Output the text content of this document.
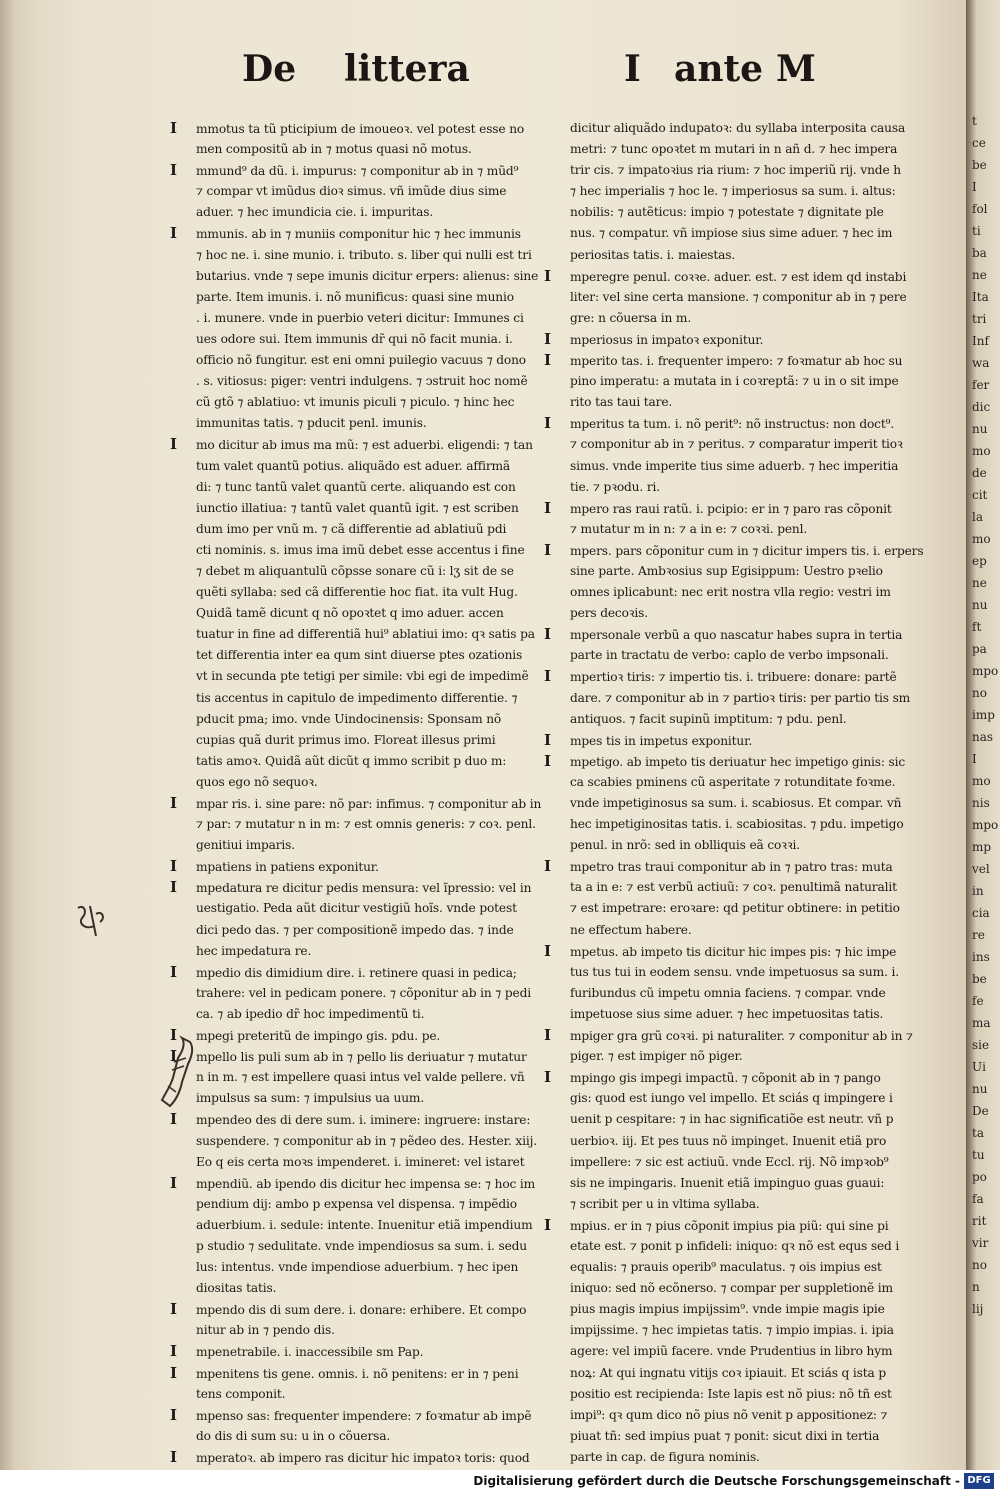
De littera	I ante M
I mmotus ta tũ pticipium de imoueoꝛ. vel potest esse no
men compositũ ab in ⁊ motus quasi nõ motus.
I mmund⁹ da dũ. i. impurus: ⁊ componitur ab in ⁊ mũd⁹
⁊ compar vt imũdus dioꝛ simus. vñ imũde dius sime
aduer. ⁊ hec imundicia cie. i. impuritas.
I mmunis. ab in ⁊ muniis componitur hic ⁊ hec immunis
⁊ hoc ne. i. sine munio. i. tributo. s. liber qui nulli est tri
butarius. vnde ⁊ sepe imunis dicitur erpers: alienus: sine
parte. Item imunis. i. nõ munificus: quasi sine munio
. i. munere. vnde in puerbio veteri dicitur: Immunes ci
ues odore sui. Item immunis dr̃ qui nõ facit munia. i.
officio nõ fungitur. est eni omni puilegio vacuus ⁊ dono
. s. vitiosus: piger: ventri indulgens. ⁊ ↄstruit hoc nomẽ
cũ gtõ ⁊ ablatiuo: vt imunis piculi ⁊ piculo. ⁊ hinc hec
immunitas tatis. ⁊ pducit penl. imunis.
I mo dicitur ab imus ma mũ: ⁊ est aduerbi. eligendi: ⁊ tan
tum valet quantũ potius. aliquãdo est aduer. affirmã
di: ⁊ tunc tantũ valet quantũ certe. aliquando est con
iunctio illatiua: ⁊ tantũ valet quantũ igit. ⁊ est scriben
dum imo per vnũ m. ⁊ cã differentie ad ablatiuũ pdi
cti nominis. s. imus ima imũ debet esse accentus i fine
⁊ debet m aliquantulũ cõpsse sonare cũ i: lʒ sit de se
quẽti syllaba: sed cã differentie hoc fiat. ita vult Hug.
Quidã tamẽ dicunt q nõ opoꝛtet q imo aduer. accen
tuatur in fine ad differentiã hui⁹ ablatiui imo: qꝛ satis pa
tet differentia inter ea qum sint diuerse ptes ozationis
vt in secunda pte tetigi per simile: vbi egi de impedimẽ
tis accentus in capitulo de impedimento differentie. ⁊
pducit pma; imo. vnde Uindocinensis: Sponsam nõ
cupias quã durit primus imo. Floreat illesus primi
tatis amoꝛ. Quidã aũt dicũt q immo scribit p duo m:
quos ego nõ sequoꝛ.
I mpar ris. i. sine pare: nõ par: infimus. ⁊ componitur ab in
⁊ par: ⁊ mutatur n in m: ⁊ est omnis generis: ⁊ coꝛ. penl.
genitiui imparis.
I mpatiens in patiens exponitur.
I mpedatura re dicitur pedis mensura: vel ĩpressio: vel in
uestigatio. Peda aũt dicitur vestigiũ hoĩs. vnde potest
dici pedo das. ⁊ per compositionẽ impedo das. ⁊ inde
hec impedatura re.
I mpedio dis dimidium dire. i. retinere quasi in pedica;
trahere: vel in pedicam ponere. ⁊ cõponitur ab in ⁊ pedi
ca. ⁊ ab ipedio dr̃ hoc impedimentũ ti.
I mpegi preteritũ de impingo gis. pdu. pe.
I mpello lis puli sum ab in ⁊ pello lis deriuatur ⁊ mutatur
n in m. ⁊ est impellere quasi intus vel valde pellere. vñ
impulsus sa sum: ⁊ impulsius ua uum.
I mpendeo des di dere sum. i. iminere: ingruere: instare:
suspendere. ⁊ componitur ab in ⁊ pẽdeo des. Hester. xiij.
Eo q eis certa moꝛs impenderet. i. imineret: vel istaret
I mpendiũ. ab ipendo dis dicitur hec impensa se: ⁊ hoc im
pendium dij: ambo p expensa vel dispensa. ⁊ impẽdio
aduerbium. i. sedule: intente. Inuenitur etiã impendium
p studio ⁊ sedulitate. vnde impendiosus sa sum. i. sedu
lus: intentus. vnde impendiose aduerbium. ⁊ hec ipen
diositas tatis.
I mpendo dis di sum dere. i. donare: erhibere. Et compo
nitur ab in ⁊ pendo dis.
I mpenetrabile. i. inaccessibile sm Pap.
I mpenitens tis gene. omnis. i. nõ penitens: er in ⁊ peni
tens componit.
I mpenso sas: frequenter impendere: ⁊ foꝛmatur ab impẽ
do dis di sum su: u in o cõuersa.
I mperatoꝛ. ab impero ras dicitur hic impatoꝛ toris: quod
dicitur aliquãdo indupatoꝛ: du syllaba interposita causa
metri: ⁊ tunc opoꝛtet m mutari in n añ d. ⁊ hec impera
trir cis. ⁊ impatoꝛius ria rium: ⁊ hoc imperiũ rij. vnde h
⁊ hec imperialis ⁊ hoc le. ⁊ imperiosus sa sum. i. altus:
nobilis: ⁊ autẽticus: impio ⁊ potestate ⁊ dignitate ple
nus. ⁊ compatur. vñ impiose sius sime aduer. ⁊ hec im
periositas tatis. i. maiestas.
I mperegre penul. coꝛꝛe. aduer. est. ⁊ est idem qd instabi
liter: vel sine certa mansione. ⁊ componitur ab in ⁊ pere
gre: n cõuersa in m.
I mperiosus in impatoꝛ exponitur.
I mperito tas. i. frequenter impero: ⁊ foꝛmatur ab hoc su
pino imperatu: a mutata in i coꝛreptã: ⁊ u in o sit impe
rito tas taui tare.
I mperitus ta tum. i. nõ perit⁹: nõ instructus: non doct⁹.
⁊ componitur ab in ⁊ peritus. ⁊ comparatur imperit tioꝛ
simus. vnde imperite tius sime aduerb. ⁊ hec imperitia
tie. ⁊ pꝛodu. ri.
I mpero ras raui ratũ. i. pcipio: er in ⁊ paro ras cõponit
⁊ mutatur m in n: ⁊ a in e: ⁊ coꝛꝛi. penl.
I mpers. pars cõponitur cum in ⁊ dicitur impers tis. i. erpers
sine parte. Ambꝛosius sup Egisippum: Uestro pꝛelio
omnes iplicabunt: nec erit nostra vlla regio: vestri im
pers decoꝛis.
I mpersonale verbũ a quo nascatur habes supra in tertia
parte in tractatu de verbo: caplo de verbo impsonali.
I mpertioꝛ tiris: ⁊ impertio tis. i. tribuere: donare: partẽ
dare. ⁊ componitur ab in ⁊ partioꝛ tiris: per partio tis sm
antiquos. ⁊ facit supinũ imptitum: ⁊ pdu. penl.
I mpes tis in impetus exponitur.
I mpetigo. ab impeto tis deriuatur hec impetigo ginis: sic
ca scabies pminens cũ asperitate ⁊ rotunditate foꝛme.
vnde impetiginosus sa sum. i. scabiosus. Et compar. vñ
hec impetiginositas tatis. i. scabiositas. ⁊ pdu. impetigo
penul. in nrõ: sed in oblliquis eã coꝛꝛi.
I mpetro tras traui componitur ab in ⁊ patro tras: muta
ta a in e: ⁊ est verbũ actiuũ: ⁊ coꝛ. penultimã naturalit
⁊ est impetrare: eroꝛare: qd petitur obtinere: in petitio
ne effectum habere.
I mpetus. ab impeto tis dicitur hic impes pis: ⁊ hic impe
tus tus tui in eodem sensu. vnde impetuosus sa sum. i.
furibundus cũ impetu omnia faciens. ⁊ compar. vnde
impetuose sius sime aduer. ⁊ hec impetuositas tatis.
I mpiger gra grũ coꝛꝛi. pi naturaliter. ⁊ componitur ab in ⁊
piger. ⁊ est impiger nõ piger.
I mpingo gis impegi impactũ. ⁊ cõponit ab in ⁊ pango
gis: quod est iungo vel impello. Et sciás q impingere i
uenit p cespitare: ⁊ in hac significatiõe est neutr. vñ p
uerbioꝛ. iij. Et pes tuus nõ impinget. Inuenit etiã pro
impellere: ⁊ sic est actiuũ. vnde Eccl. rij. Nõ impꝛob⁹
sis ne impingaris. Inuenit etiã impinguo guas guaui:
⁊ scribit per u in vltima syllaba.
I mpius. er in ⁊ pius cõponit impius pia piũ: qui sine pi
etate est. ⁊ ponit p infideli: iniquo: qꝛ nõ est equs sed i
equalis: ⁊ prauis operib⁹ maculatus. ⁊ ois impius est
iniquo: sed nõ ecõnerso. ⁊ compar per suppletionẽ im
pius magis impius impijssim⁹. vnde impie magis ipie
impijssime. ⁊ hec impietas tatis. ⁊ impio impias. i. ipia
agere: vel impiũ facere. vnde Prudentius in libro hym
noꝝ: At qui ingnatu vitijs coꝛ ipiauit. Et sciás q ista p
positio est recipienda: Iste lapis est nõ pius: nõ tñ est
impi⁹: qꝛ qum dico nõ pius nõ venit p appositionez: ⁊
piuat tñ: sed impius puat ⁊ ponit: sicut dixi in tertia
parte in cap. de figura nominis.
t
ce
be
I
fol
ti
ba
ne
Ita
tri
Inf
wa
fer
dic
nu
mo
de
cit
la
mo
ep
ne
nu
ft
pa
mpo
no
imp
nas
I
mo
nis
mpo
mp
vel
in
cia
re
ins
be
fe
ma
sie
Ui
nu
De
ta
tu
po
fa
rit
vir
no
n
lij
Digitalisierung gefördert durch die Deutsche Forschungsgemeinschaft - DFG
